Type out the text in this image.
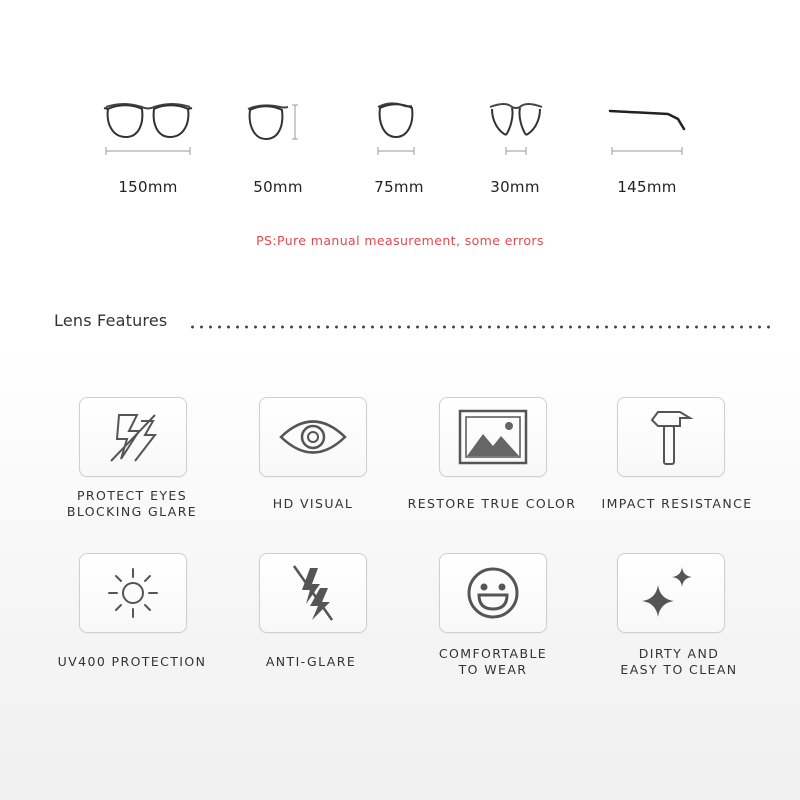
150mm	50mm	75mm	30mm	145mm
PS:Pure manual measurement, some errors
Lens Features
PROTECT EYES
BLOCKING GLARE
HD VISUAL	RESTORE TRUE COLOR	IMPACT RESISTANCE
UV400 PROTECTION	ANTI-GLARE
COMFORTABLE
TO WEAR
DIRTY AND
EASY TO CLEAN
